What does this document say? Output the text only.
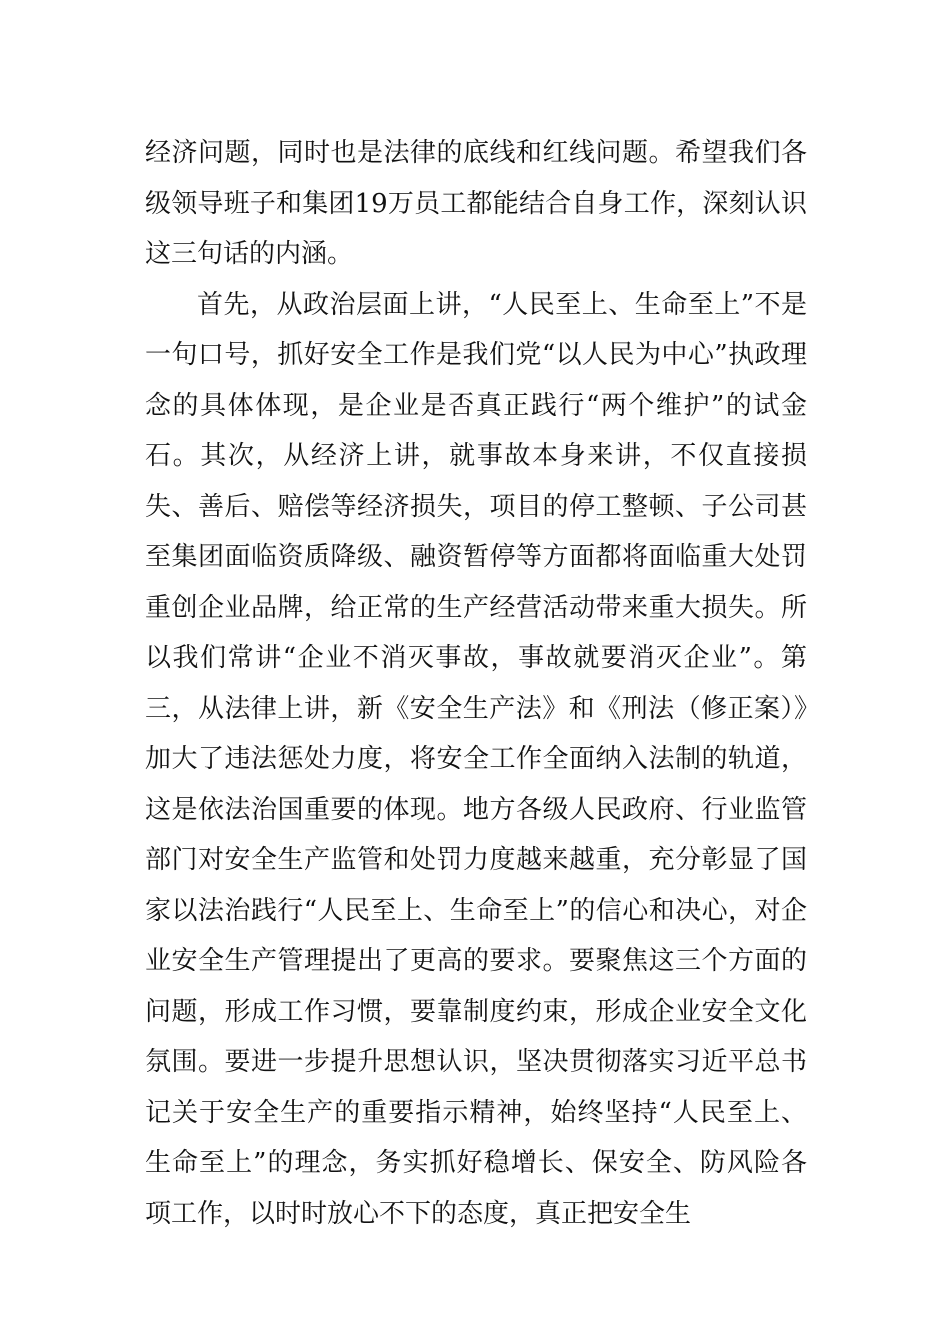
经济问题，同时也是法律的底线和红线问题。希望我们各级领导班子和集团19万员工都能结合自身工作，深刻认识这三句话的内涵。

首先，从政治层面上讲，“人民至上、生命至上”不是一句口号，抓好安全工作是我们党“以人民为中心”执政理念的具体体现，是企业是否真正践行“两个维护”的试金石。其次，从经济上讲，就事故本身来讲，不仅直接损失、善后、赔偿等经济损失，项目的停工整顿、子公司甚至集团面临资质降级、融资暂停等方面都将面临重大处罚重创企业品牌，给正常的生产经营活动带来重大损失。所以我们常讲“企业不消灭事故，事故就要消灭企业”。第三，从法律上讲，新《安全生产法》和《刑法（修正案）》加大了违法惩处力度，将安全工作全面纳入法制的轨道，这是依法治国重要的体现。地方各级人民政府、行业监管部门对安全生产监管和处罚力度越来越重，充分彰显了国家以法治践行“人民至上、生命至上”的信心和决心，对企业安全生产管理提出了更高的要求。要聚焦这三个方面的问题，形成工作习惯，要靠制度约束，形成企业安全文化氛围。要进一步提升思想认识，坚决贯彻落实习近平总书记关于安全生产的重要指示精神，始终坚持“人民至上、生命至上”的理念，务实抓好稳增长、保安全、防风险各项工作，以时时放心不下的态度，真正把安全生
